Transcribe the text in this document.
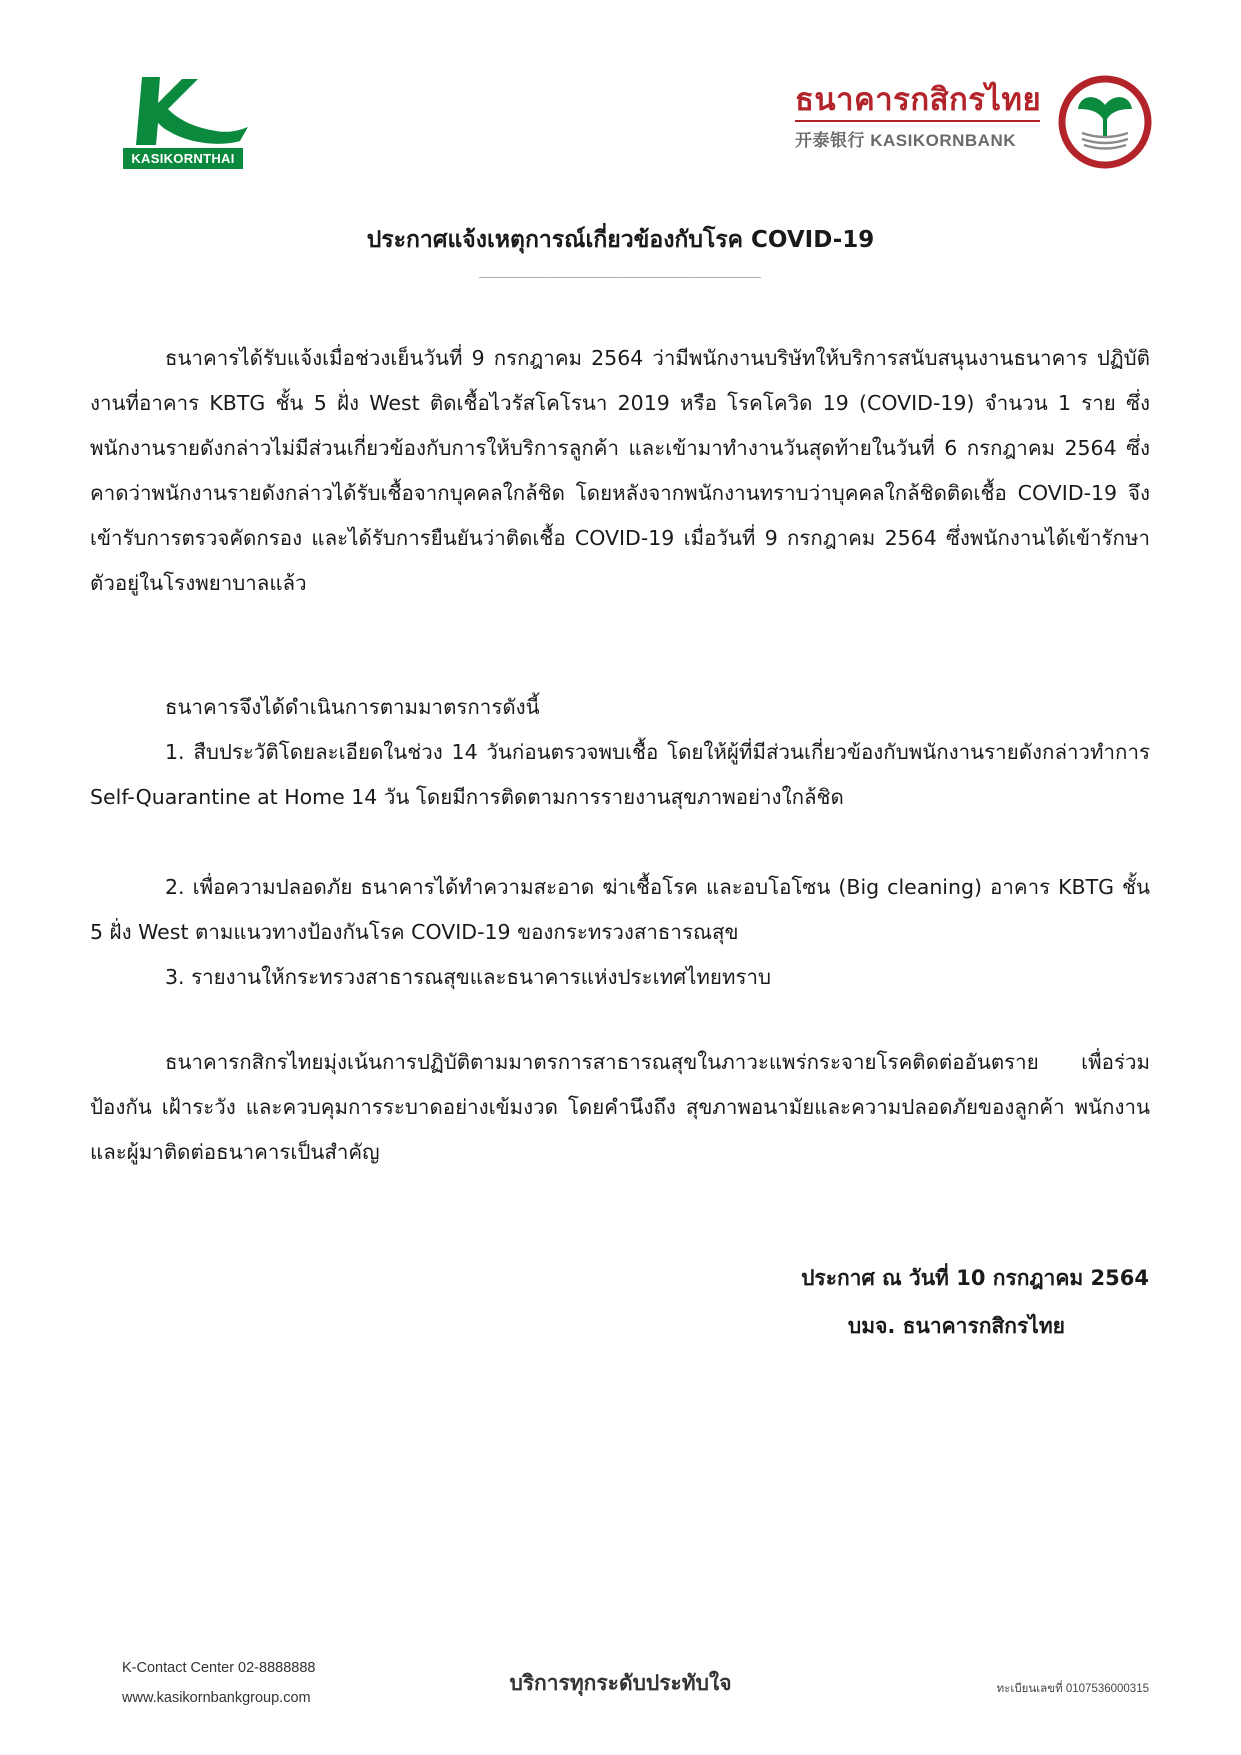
KASIKORNTHAI
ธนาคารกสิกรไทย
开泰银行 KASIKORNBANK
ประกาศแจ้งเหตุการณ์เกี่ยวข้องกับโรค COVID-19
_______________________________________

ธนาคารได้รับแจ้งเมื่อช่วงเย็นวันที่ 9 กรกฎาคม 2564 ว่ามีพนักงานบริษัทให้บริการสนับสนุนงานธนาคาร ปฏิบัติงานที่อาคาร KBTG ชั้น 5 ฝั่ง West ติดเชื้อไวรัสโคโรนา 2019 หรือ โรคโควิด 19 (COVID-19) จำนวน 1 ราย ซึ่งพนักงานรายดังกล่าวไม่มีส่วนเกี่ยวข้องกับการให้บริการลูกค้า และเข้ามาทำงานวันสุดท้ายในวันที่ 6 กรกฎาคม 2564 ซึ่งคาดว่าพนักงานรายดังกล่าวได้รับเชื้อจากบุคคลใกล้ชิด โดยหลังจากพนักงานทราบว่าบุคคลใกล้ชิดติดเชื้อ COVID-19 จึงเข้ารับการตรวจคัดกรอง และได้รับการยืนยันว่าติดเชื้อ COVID-19 เมื่อวันที่ 9 กรกฎาคม 2564 ซึ่งพนักงานได้เข้ารักษาตัวอยู่ในโรงพยาบาลแล้ว

ธนาคารจึงได้ดำเนินการตามมาตรการดังนี้
1. สืบประวัติโดยละเอียดในช่วง 14 วันก่อนตรวจพบเชื้อ โดยให้ผู้ที่มีส่วนเกี่ยวข้องกับพนักงานรายดังกล่าวทำการ Self-Quarantine at Home 14 วัน โดยมีการติดตามการรายงานสุขภาพอย่างใกล้ชิด
2. เพื่อความปลอดภัย ธนาคารได้ทำความสะอาด ฆ่าเชื้อโรค และอบโอโซน (Big cleaning) อาคาร KBTG ชั้น 5 ฝั่ง West ตามแนวทางป้องกันโรค COVID-19 ของกระทรวงสาธารณสุข
3. รายงานให้กระทรวงสาธารณสุขและธนาคารแห่งประเทศไทยทราบ

ธนาคารกสิกรไทยมุ่งเน้นการปฏิบัติตามมาตรการสาธารณสุขในภาวะแพร่กระจายโรคติดต่ออันตราย เพื่อร่วมป้องกัน เฝ้าระวัง และควบคุมการระบาดอย่างเข้มงวด โดยคำนึงถึง สุขภาพอนามัยและความปลอดภัยของลูกค้า พนักงาน และผู้มาติดต่อธนาคารเป็นสำคัญ

ประกาศ ณ วันที่ 10 กรกฎาคม 2564
บมจ. ธนาคารกสิกรไทย
K-Contact Center 02-8888888
www.kasikornbankgroup.com
บริการทุกระดับประทับใจ	ทะเบียนเลขที่ 0107536000315
